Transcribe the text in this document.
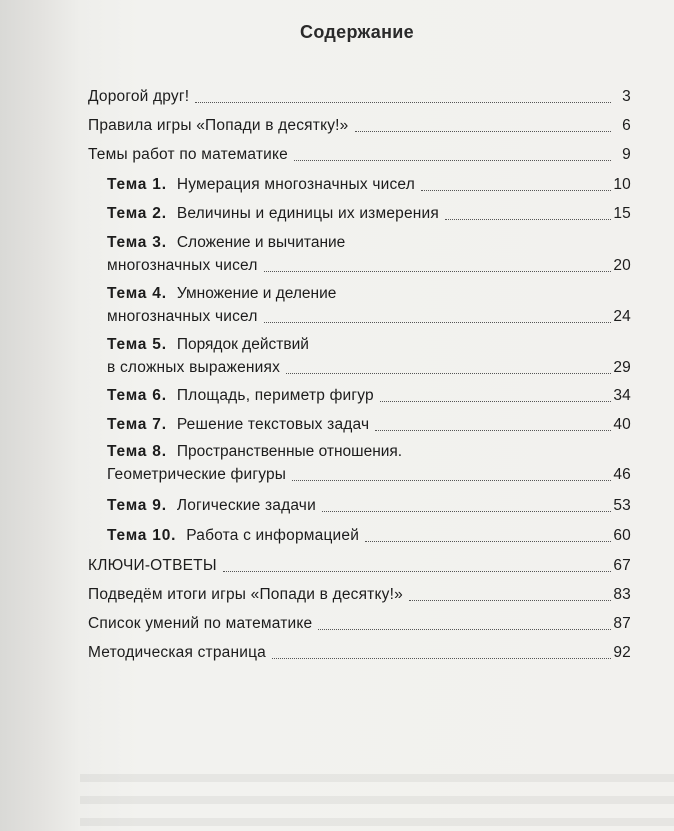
Содержание
Дорогой друг!	3
Правила игры «Попади в десятку!»	6
Темы работ по математике	9
Тема 1. Нумерация многозначных чисел	10
Тема 2. Величины и единицы их измерения	15
Тема 3. Сложение и вычитание
многозначных чисел	20
Тема 4. Умножение и деление
многозначных чисел	24
Тема 5. Порядок действий
в сложных выражениях	29
Тема 6. Площадь, периметр фигур	34
Тема 7. Решение текстовых задач	40
Тема 8. Пространственные отношения.
Геометрические фигуры	46
Тема 9. Логические задачи	53
Тема 10. Работа с информацией	60
КЛЮЧИ-ОТВЕТЫ	67
Подведём итоги игры «Попади в десятку!»	83
Список умений по математике	87
Методическая страница	92
